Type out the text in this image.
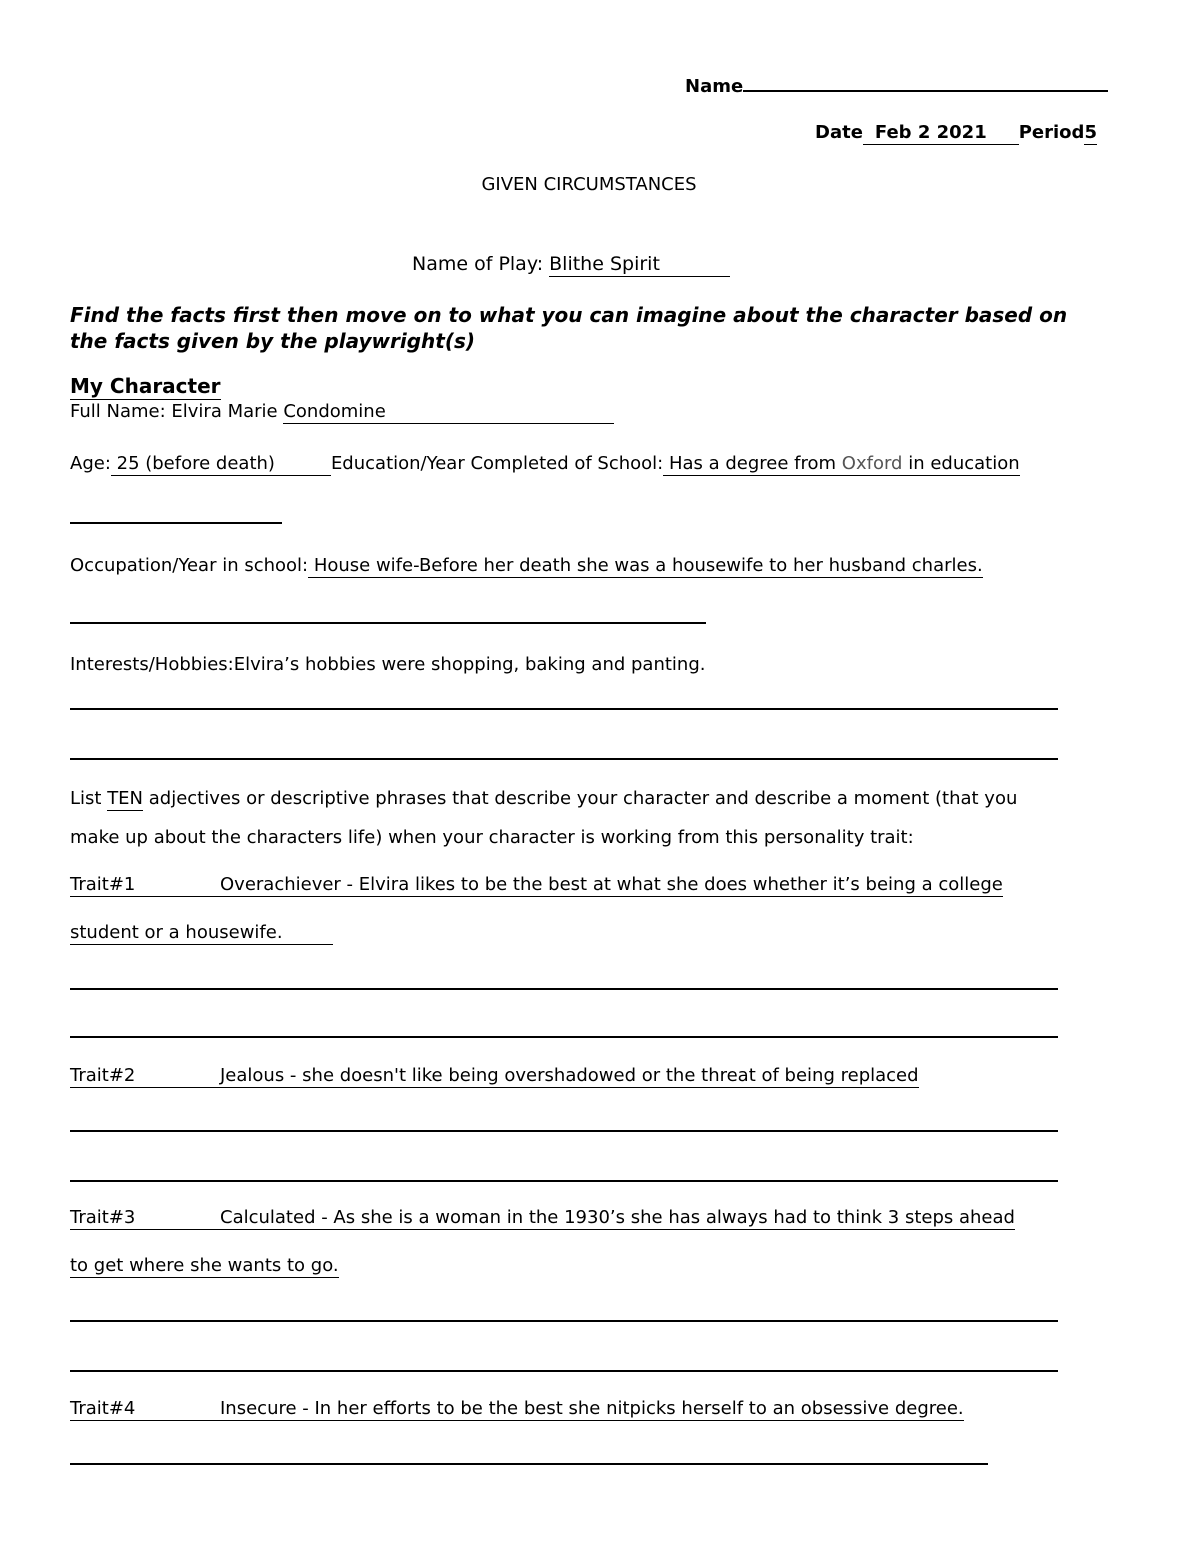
Name
Date Feb 2 2021 Period5
GIVEN CIRCUMSTANCES
Name of Play: Blithe Spirit
Find the facts first then move on to what you can imagine about the character based on the facts given by the playwright(s)
My Character
Full Name: Elvira Marie Condomine
Age: 25 (before death)	Education/Year Completed of School: Has a degree from Oxford in education
Occupation/Year in school: House wife-Before her death she was a housewife to her husband charles.
Interests/Hobbies:Elvira’s hobbies were shopping, baking and panting.
List TEN adjectives or descriptive phrases that describe your character and describe a moment (that you
make up about the characters life) when your character is working from this personality trait:
Trait#1	Overachiever - Elvira likes to be the best at what she does whether it’s being a college
student or a housewife.
Trait#2	Jealous - she doesn't like being overshadowed or the threat of being replaced
Trait#3	Calculated - As she is a woman in the 1930’s she has always had to think 3 steps ahead
to get where she wants to go.
Trait#4	Insecure - In her efforts to be the best she nitpicks herself to an obsessive degree.
